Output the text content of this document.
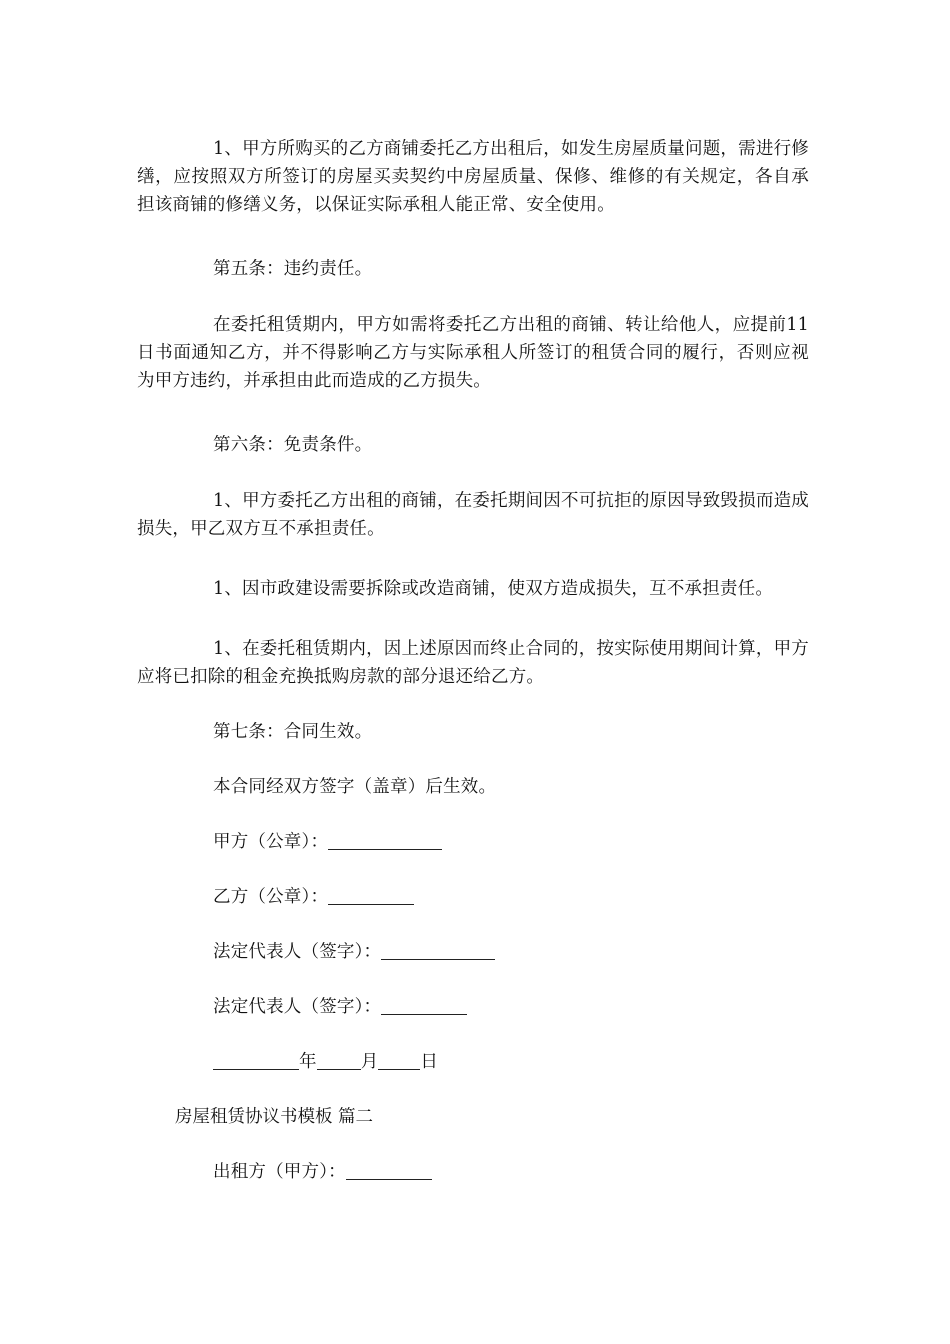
1、甲方所购买的乙方商铺委托乙方出租后，如发生房屋质量问题，需进行修缮，应按照双方所签订的房屋买卖契约中房屋质量、保修、维修的有关规定，各自承担该商铺的修缮义务，以保证实际承租人能正常、安全使用。

第五条：违约责任。

在委托租赁期内，甲方如需将委托乙方出租的商铺、转让给他人，应提前11日书面通知乙方，并不得影响乙方与实际承租人所签订的租赁合同的履行，否则应视为甲方违约，并承担由此而造成的乙方损失。

第六条：免责条件。

1、甲方委托乙方出租的商铺，在委托期间因不可抗拒的原因导致毁损而造成损失，甲乙双方互不承担责任。

1、因市政建设需要拆除或改造商铺，使双方造成损失，互不承担责任。

1、在委托租赁期内，因上述原因而终止合同的，按实际使用期间计算，甲方应将已扣除的租金充换抵购房款的部分退还给乙方。

第七条：合同生效。

本合同经双方签字（盖章）后生效。

甲方（公章）：

乙方（公章）：

法定代表人（签字）：

法定代表人（签字）：

年	月 日

房屋租赁协议书模板 篇二

出租方（甲方）：
